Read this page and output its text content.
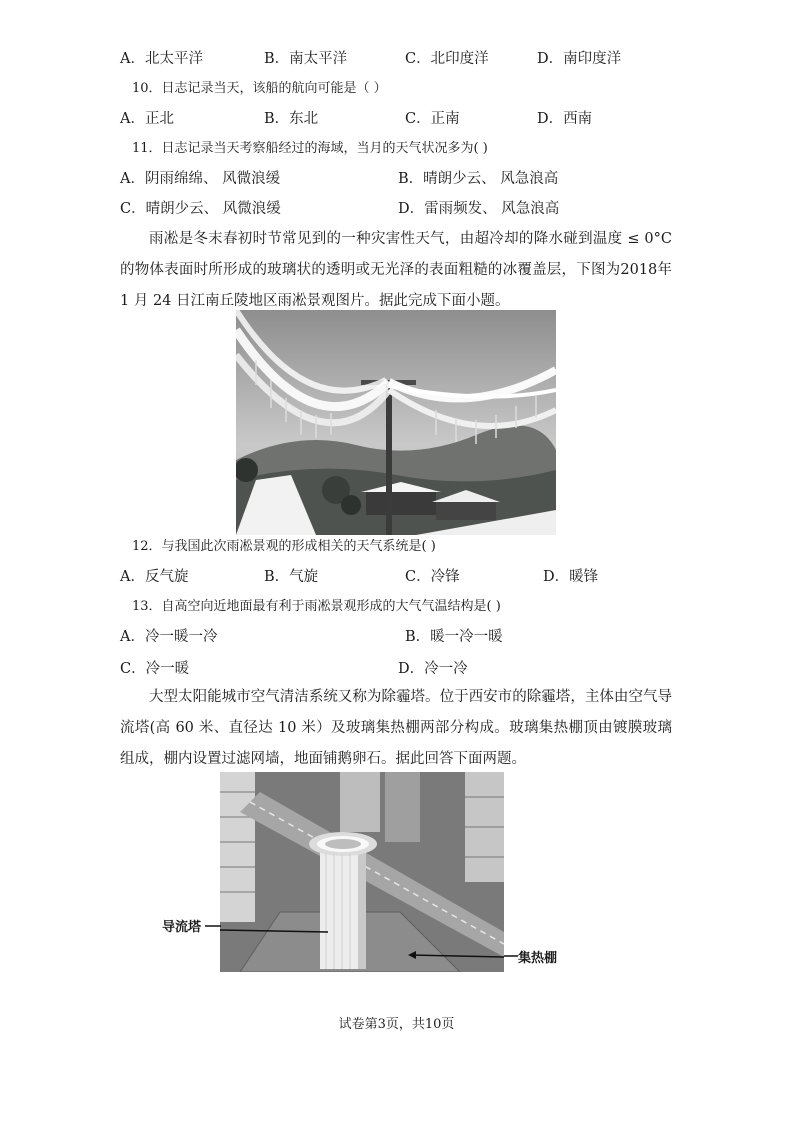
A．北太平洋	B．南太平洋	C．北印度洋	D．南印度洋
10．日志记录当天，该船的航向可能是（ ）
A．正北	B．东北	C．正南	D．西南
11．日志记录当天考察船经过的海域，当月的天气状况多为( )
A．阴雨绵绵、 风微浪缓	B．晴朗少云、 风急浪高
C．晴朗少云、 风微浪缓	D．雷雨频发、 风急浪高

雨凇是冬末春初时节常见到的一种灾害性天气，由超冷却的降水碰到温度 ≤ 0°C的物体表面时所形成的玻璃状的透明或无光泽的表面粗糙的冰覆盖层，下图为2018年 1 月 24 日江南丘陵地区雨凇景观图片。据此完成下面小题。

12．与我国此次雨凇景观的形成相关的天气系统是( )
A．反气旋	B．气旋	C．冷锋	D．暖锋
13．自高空向近地面最有利于雨凇景观形成的大气气温结构是( )
A．冷一暖一冷	B．暖一冷一暖
C．冷一暖	D．冷一冷

大型太阳能城市空气清洁系统又称为除霾塔。位于西安市的除霾塔，主体由空气导流塔(高 60 米、直径达 10 米）及玻璃集热棚两部分构成。玻璃集热棚顶由镀膜玻璃组成，棚内设置过滤网墙，地面铺鹅卵石。据此回答下面两题。

导流塔
集热棚
试卷第3页，共10页
